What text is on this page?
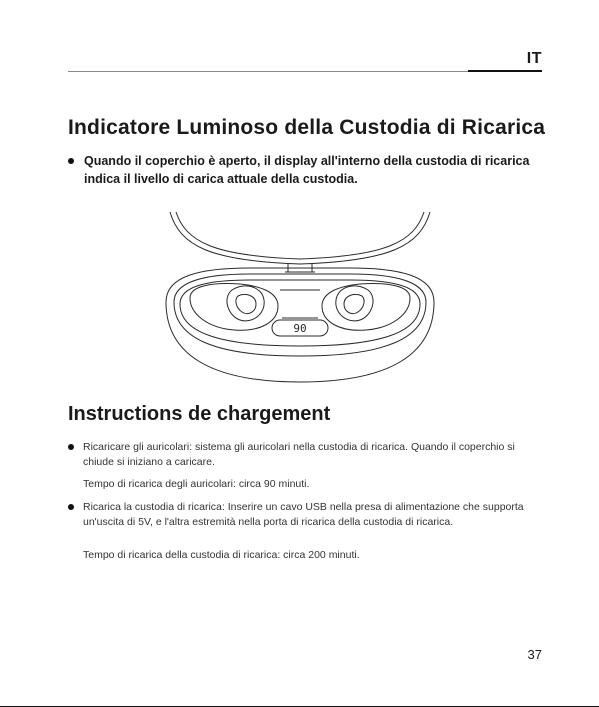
IT
Indicatore Luminoso della Custodia di Ricarica
Quando il coperchio è aperto, il display all'interno della custodia di ricarica indica il livello di carica attuale della custodia.
90
Instructions de chargement
Ricaricare gli auricolari: sistema gli auricolari nella custodia di ricarica. Quando il coperchio si chiude si iniziano a caricare.
Tempo di ricarica degli auricolari: circa 90 minuti.
Ricarica la custodia di ricarica: Inserire un cavo USB nella presa di alimentazione che supporta un'uscita di 5V, e l'altra estremità nella porta di ricarica della custodia di ricarica.
Tempo di ricarica della custodia di ricarica: circa 200 minuti.
37
